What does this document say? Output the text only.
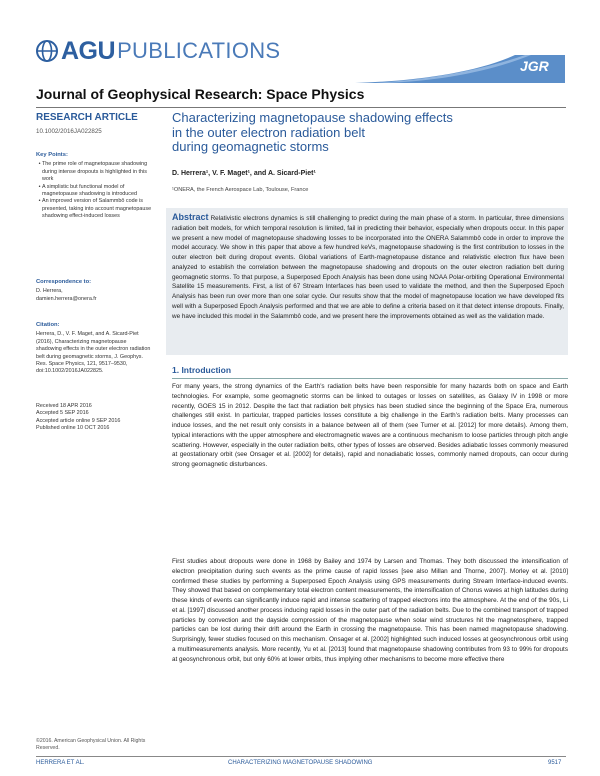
AGU PUBLICATIONS
JGR
Journal of Geophysical Research: Space Physics
RESEARCH ARTICLE
10.1002/2016JA022825
Key Points:
• The prime role of magnetopause shadowing during intense dropouts is highlighted in this work
• A simplistic but functional model of magnetopause shadowing is introduced
• An improved version of Salammbô code is presented, taking into account magnetopause shadowing effect-induced losses
Correspondence to:
D. Herrera,
damien.herrera@onera.fr
Citation:
Herrera, D., V. F. Maget, and A. Sicard-Piet (2016), Characterizing magnetopause shadowing effects in the outer electron radiation belt during geomagnetic storms, J. Geophys. Res. Space Physics, 121, 9517–9530, doi:10.1002/2016JA022825.
Received 18 APR 2016
Accepted 5 SEP 2016
Accepted article online 9 SEP 2016
Published online 10 OCT 2016
©2016. American Geophysical Union. All Rights Reserved.
Characterizing magnetopause shadowing effects
in the outer electron radiation belt
during geomagnetic storms
D. Herrera¹, V. F. Maget¹, and A. Sicard-Piet¹
¹ONERA, the French Aerospace Lab, Toulouse, France
Abstract Relativistic electrons dynamics is still challenging to predict during the main phase of a storm. In particular, three dimensions radiation belt models, for which temporal resolution is limited, fail in predicting their behavior, especially when dropouts occur. In this paper we present a new model of magnetopause shadowing losses to be incorporated into the ONERA Salammbô code in order to improve the model accuracy. We show in this paper that above a few hundred keVs, magnetopause shadowing is the first contribution to losses in the outer electron belt during dropout events. Global variations of Earth-magnetopause distance and relativistic electron flux have been analyzed to establish the correlation between the magnetopause shadowing and dropouts on the outer electron radiation belt during geomagnetic storms. To that purpose, a Superposed Epoch Analysis has been done using NOAA Polar-orbiting Operational Environmental Satellite 15 measurements. First, a list of 67 Stream Interfaces has been used to validate the method, and then the Superposed Epoch Analysis has been run over more than one solar cycle. Our results show that the model of magnetopause location we have developed fits well with a Superposed Epoch Analysis performed and that we are able to define a criteria based on it that detect intense dropouts. Finally, we have included this model in the Salammbô code, and we present here the improvements obtained as well as the validation made.
1. Introduction
For many years, the strong dynamics of the Earth’s radiation belts have been responsible for many hazards both on space and Earth technologies. For example, some geomagnetic storms can be linked to outages or losses on satellites, as Galaxy IV in 1998 or more recently, GOES 15 in 2012. Despite the fact that radiation belt physics has been studied since the beginning of the Space Era, numerous challenges still exist. In particular, trapped particles losses constitute a big challenge in the Earth’s radiation belts. Many processes can induce losses, and the net result only consists in a balance between all of them (see Turner et al. [2012] for more details). Among them, typical interactions with the upper atmosphere and electromagnetic waves are a continuous mechanism to loose particles through pitch angle scattering. However, especially in the outer radiation belts, other types of losses are observed. Besides adiabatic losses commonly measured at geostationary orbit (see Onsager et al. [2002] for details), rapid and nonadiabatic losses, commonly named dropouts, can occur during strong geomagnetic disturbances.
First studies about dropouts were done in 1968 by Bailey and 1974 by Larsen and Thomas. They both discussed the intensification of electron precipitation during such events as the prime cause of rapid losses [see also Millan and Thorne, 2007]. Morley et al. [2010] confirmed these studies by performing a Superposed Epoch Analysis using GPS measurements during Stream Interface-induced events. They showed that based on complementary total electron content measurements, the intensification of Chorus waves at high latitudes during these kinds of events can significantly induce rapid and intense scattering of trapped electrons into the atmosphere. At the end of the 90s, Li et al. [1997] discussed another process inducing rapid losses in the outer part of the radiation belts. Due to the combined transport of trapped particles by convection and the dayside compression of the magnetopause when solar wind structures hit the magnetosphere, trapped particles can be lost during their drift around the Earth in crossing the magnetopause. This has been named magnetopause shadowing. Surprisingly, fewer studies focused on this mechanism. Onsager et al. [2002] highlighted such induced losses at geosynchronous orbit using a multimeasurements analysis. More recently, Yu et al. [2013] found that magnetopause shadowing contributes from 93 to 99% for dropouts at geosynchronous orbit, but only 60% at lower orbits, thus implying other mechanisms to become more effective there
HERRERA ET AL.	CHARACTERIZING MAGNETOPAUSE SHADOWING	9517
